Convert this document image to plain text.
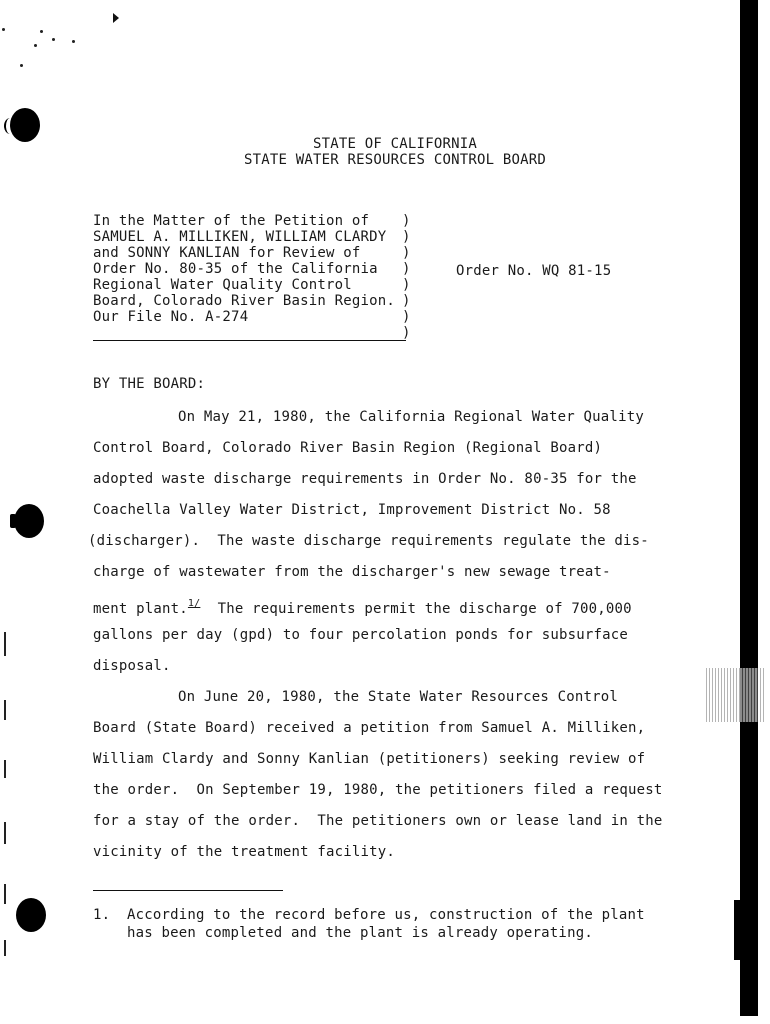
STATE OF CALIFORNIA
STATE WATER RESOURCES CONTROL BOARD
In the Matter of the Petition of
SAMUEL A. MILLIKEN, WILLIAM CLARDY
and SONNY KANLIAN for Review of
Order No. 80-35 of the California
Regional Water Quality Control
Board, Colorado River Basin Region.
Our File No. A-274
)
)
)
)
)
)
)
)
Order No. WQ 81-15
BY THE BOARD:
On May 21, 1980, the California Regional Water Quality
Control Board, Colorado River Basin Region (Regional Board)
adopted waste discharge requirements in Order No. 80-35 for the
Coachella Valley Water District, Improvement District No. 58
(discharger).  The waste discharge requirements regulate the dis-
charge of wastewater from the discharger's new sewage treat-
ment plant.$^{1/}$  The requirements permit the discharge of 700,000
gallons per day (gpd) to four percolation ponds for subsurface
disposal.
On June 20, 1980, the State Water Resources Control
Board (State Board) received a petition from Samuel A. Milliken,
William Clardy and Sonny Kanlian (petitioners) seeking review of
the order.  On September 19, 1980, the petitioners filed a request
for a stay of the order.  The petitioners own or lease land in the
vicinity of the treatment facility.
1. According to the record before us, construction of the plant
has been completed and the plant is already operating.
